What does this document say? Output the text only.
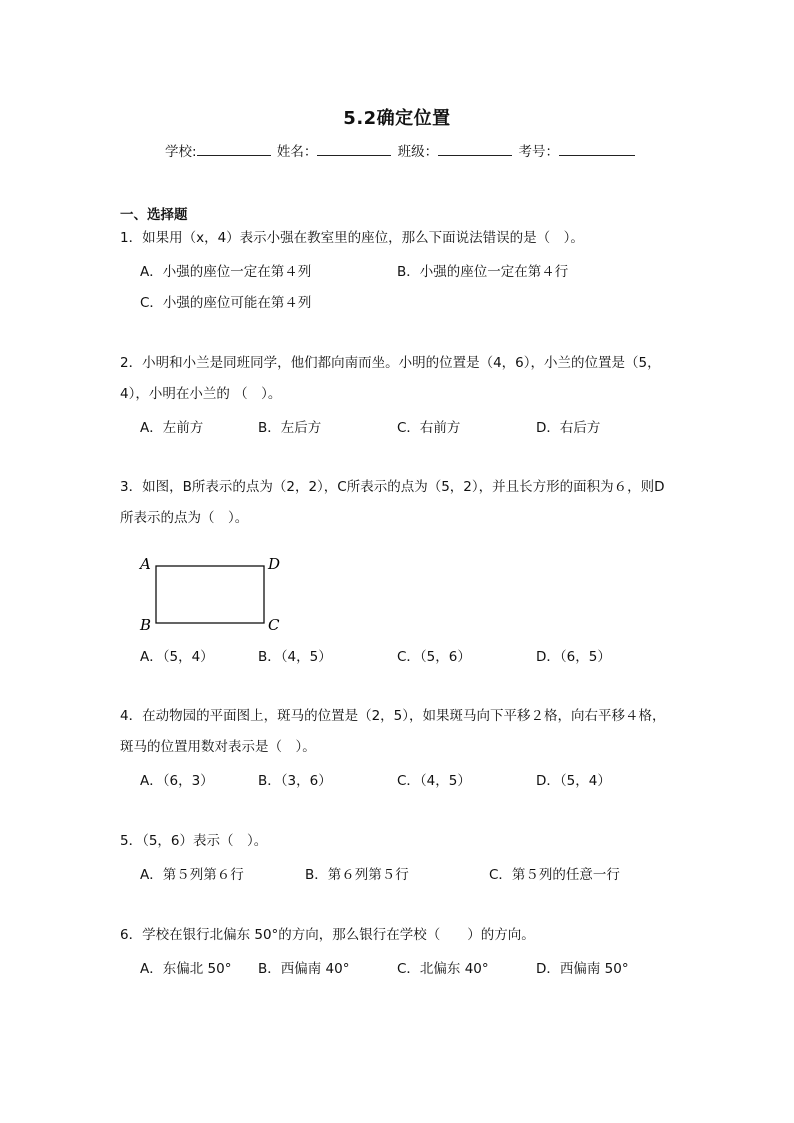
5.2确定位置
学校:	姓名：	班级：	考号：
一、选择题
1．如果用（x，4）表示小强在教室里的座位，那么下面说法错误的是（　）。
A．小强的座位一定在第４列	B．小强的座位一定在第４行
C．小强的座位可能在第４列
2．小明和小兰是同班同学，他们都向南而坐。小明的位置是（4，6），小兰的位置是（5，
4），小明在小兰的 （　）。
A．左前方	B．左后方	C．右前方	D．右后方
3．如图，B所表示的点为（2，2），C所表示的点为（5，2），并且长方形的面积为６，则D
所表示的点为（　）。
A	D
B	C
A．（5，4）	B．（4，5）	C．（5，6）	D．（6，5）
4．在动物园的平面图上，斑马的位置是（2，5），如果斑马向下平移２格，向右平移４格，
斑马的位置用数对表示是（　）。
A．（6，3）	B．（3，6）	C．（4，5）	D．（5，4）
5．（5，6）表示（　）。
A．第５列第６行	B．第６列第５行	C．第５列的任意一行
6．学校在银行北偏东 50°的方向，那么银行在学校（　　）的方向。
A．东偏北 50° B．西偏南 40°	C．北偏东 40°	D．西偏南 50°
